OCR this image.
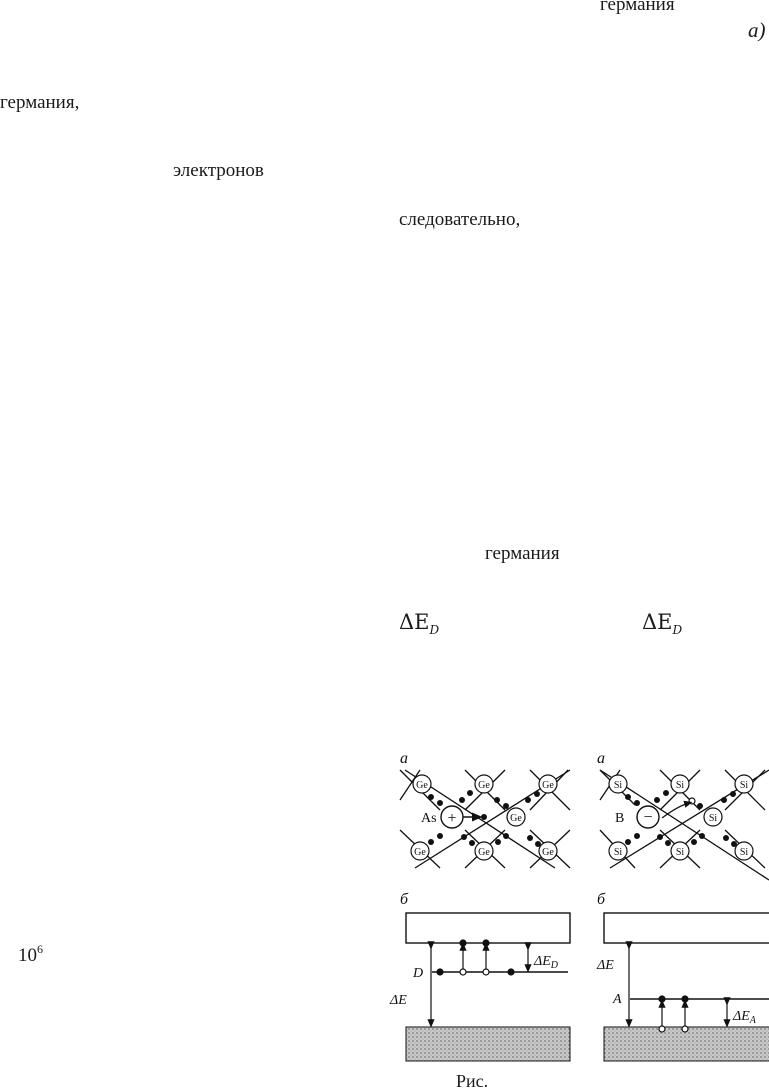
германия
a)
германия,
электронов
следовательно,
германия
$\Delta E_D$	$\Delta E_D$
$10^6$
а	а
б	б
Ge	Ge	Ge
Ge
Ge	Ge	Ge
+
As
Si	Si	Si
Si
Si	Si	Si
−
B
D
ΔE
$\Delta E_D$
A
ΔE
$\Delta E_A$
Рис.
